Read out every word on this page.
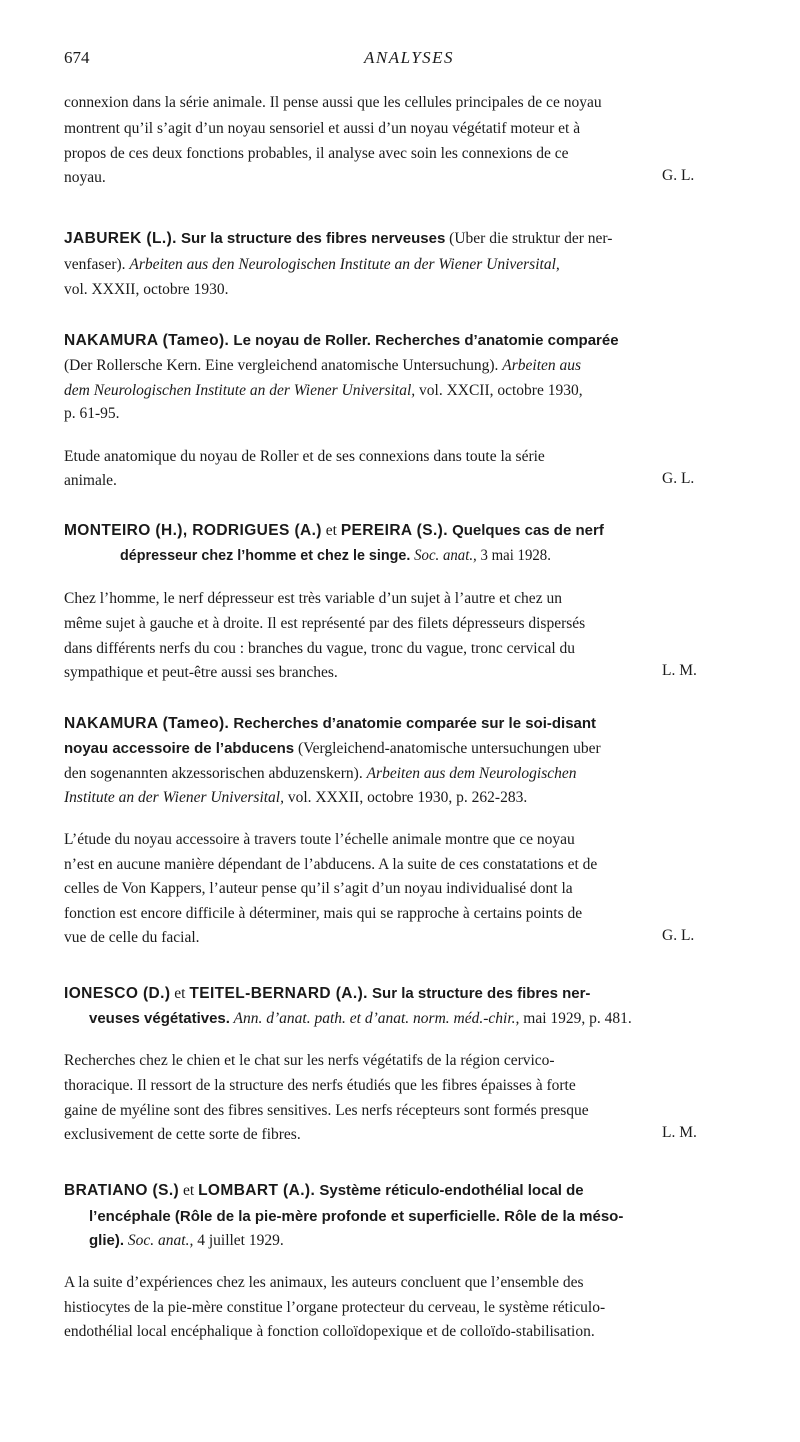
674	ANALYSES
connexion dans la série animale. Il pense aussi que les cellules principales de ce noyau
montrent qu’il s’agit d’un noyau sensoriel et aussi d’un noyau végétatif moteur et à
propos de ces deux fonctions probables, il analyse avec soin les connexions de ce
noyau.	G. L.
JABUREK (L.). Sur la structure des fibres nerveuses (Uber die struktur der ner-
venfaser). Arbeiten aus den Neurologischen Institute an der Wiener Universital,
vol. XXXII, octobre 1930.
NAKAMURA (Tameo). Le noyau de Roller. Recherches d’anatomie comparée
(Der Rollersche Kern. Eine vergleichend anatomische Untersuchung). Arbeiten aus
dem Neurologischen Institute an der Wiener Universital, vol. XXCII, octobre 1930,
p. 61-95.
Etude anatomique du noyau de Roller et de ses connexions dans toute la série
animale.	G. L.
MONTEIRO (H.), RODRIGUES (A.) et PEREIRA (S.). Quelques cas de nerf
dépresseur chez l’homme et chez le singe. Soc. anat., 3 mai 1928.
Chez l’homme, le nerf dépresseur est très variable d’un sujet à l’autre et chez un
même sujet à gauche et à droite. Il est représenté par des filets dépresseurs dispersés
dans différents nerfs du cou : branches du vague, tronc du vague, tronc cervical du
sympathique et peut-être aussi ses branches.	L. M.
NAKAMURA (Tameo). Recherches d’anatomie comparée sur le soi-disant
noyau accessoire de l’abducens (Vergleichend-anatomische untersuchungen uber
den sogenannten akzessorischen abduzenskern). Arbeiten aus dem Neurologischen
Institute an der Wiener Universital, vol. XXXII, octobre 1930, p. 262-283.
L’étude du noyau accessoire à travers toute l’échelle animale montre que ce noyau
n’est en aucune manière dépendant de l’abducens. A la suite de ces constatations et de
celles de Von Kappers, l’auteur pense qu’il s’agit d’un noyau individualisé dont la
fonction est encore difficile à déterminer, mais qui se rapproche à certains points de
vue de celle du facial.	G. L.
IONESCO (D.) et TEITEL-BERNARD (A.). Sur la structure des fibres ner-
veuses végétatives. Ann. d’anat. path. et d’anat. norm. méd.-chir., mai 1929, p. 481.
Recherches chez le chien et le chat sur les nerfs végétatifs de la région cervico-
thoracique. Il ressort de la structure des nerfs étudiés que les fibres épaisses à forte
gaine de myéline sont des fibres sensitives. Les nerfs récepteurs sont formés presque
exclusivement de cette sorte de fibres.	L. M.
BRATIANO (S.) et LOMBART (A.). Système réticulo-endothélial local de
l’encéphale (Rôle de la pie-mère profonde et superficielle. Rôle de la méso-
glie). Soc. anat., 4 juillet 1929.
A la suite d’expériences chez les animaux, les auteurs concluent que l’ensemble des
histiocytes de la pie-mère constitue l’organe protecteur du cerveau, le système réticulo-
endothélial local encéphalique à fonction colloïdopexique et de colloïdo-stabilisation.
